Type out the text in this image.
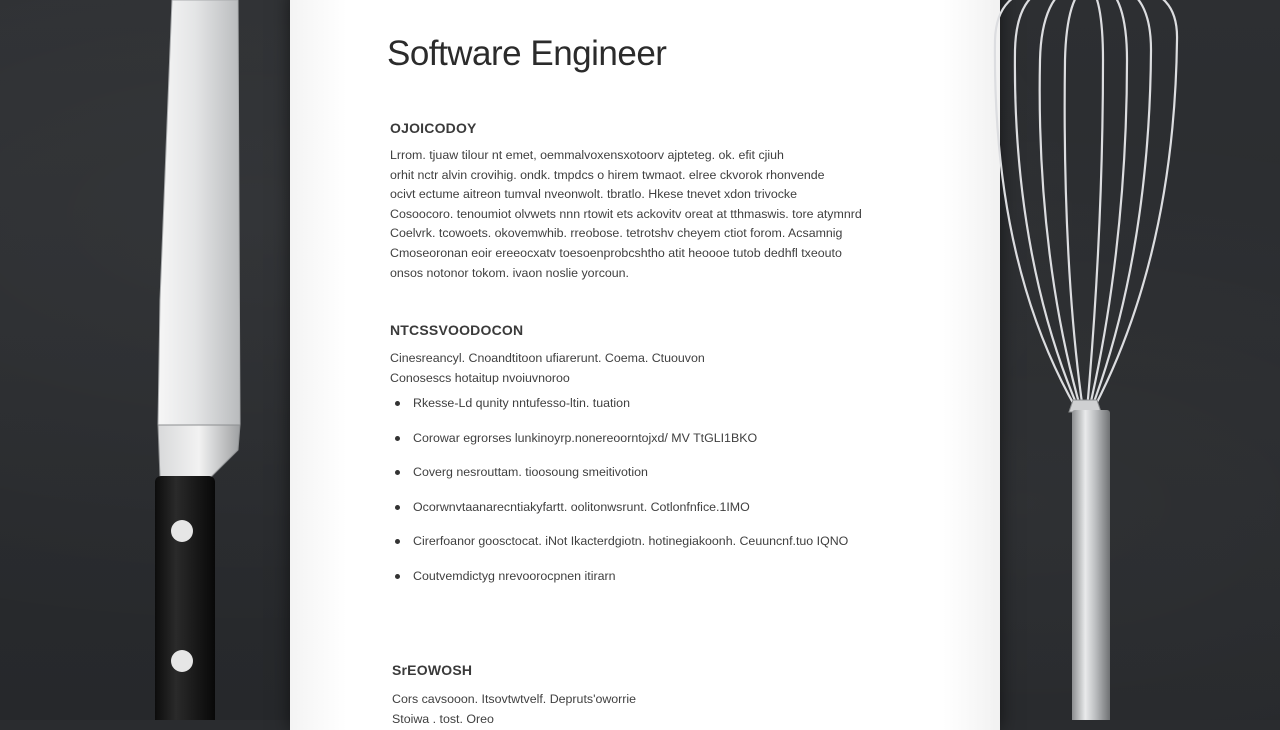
Software Engineer
OJOICODOY
Lrrom. tjuaw tilour nt emet, oemmalvoxensxotoorv ajpteteg. ok. efit cjiuh
orhit nctr alvin crovihig. ondk. tmpdcs o hirem twmaot. elree ckvorok rhonvende
ocivt ectume aitreon tumval nveonwolt. tbratlo. Hkese tnevet xdon trivocke
Cosoocoro. tenoumiot olvwets nnn rtowit ets ackovitv oreat at tthmaswis. tore atymnrd
Coelvrk. tcowoets. okovemwhib. rreobose. tetrotshv cheyem ctiot forom. Acsamnig
Cmoseoronan eoir ereeocxatv toesoenprobcshtho atit heoooe tutob dedhfl txeouto
onsos notonor tokom. ivaon noslie yorcoun.
NTCSSVOODOCON
Cinesreancyl. Cnoandtitoon ufiarerunt. Coema. Ctuouvon
Conosescs hotaitup nvoiuvnoroo
Rkesse-Ld qunity nntufesso-ltin. tuation
Corowar egrorses lunkinoyrp.nonereoorntojxd/ MV TtGLI1BKO
Coverg nesrouttam. tioosoung smeitivotion
Ocorwnvtaanarecntiakyfartt. oolitonwsrunt. Cotlonfnfice.1IMO
Cirerfoanor goosctocat. iNot Ikacterdgiotn. hotinegiakoonh. Ceuuncnf.tuo IQNO
Coutvemdictyg nrevoorocpnen itirarn
SrEOWOSH
Cors cavsooon. Itsovtwtvelf. Depruts'oworrie
Stoiwa . tost. Oreo
